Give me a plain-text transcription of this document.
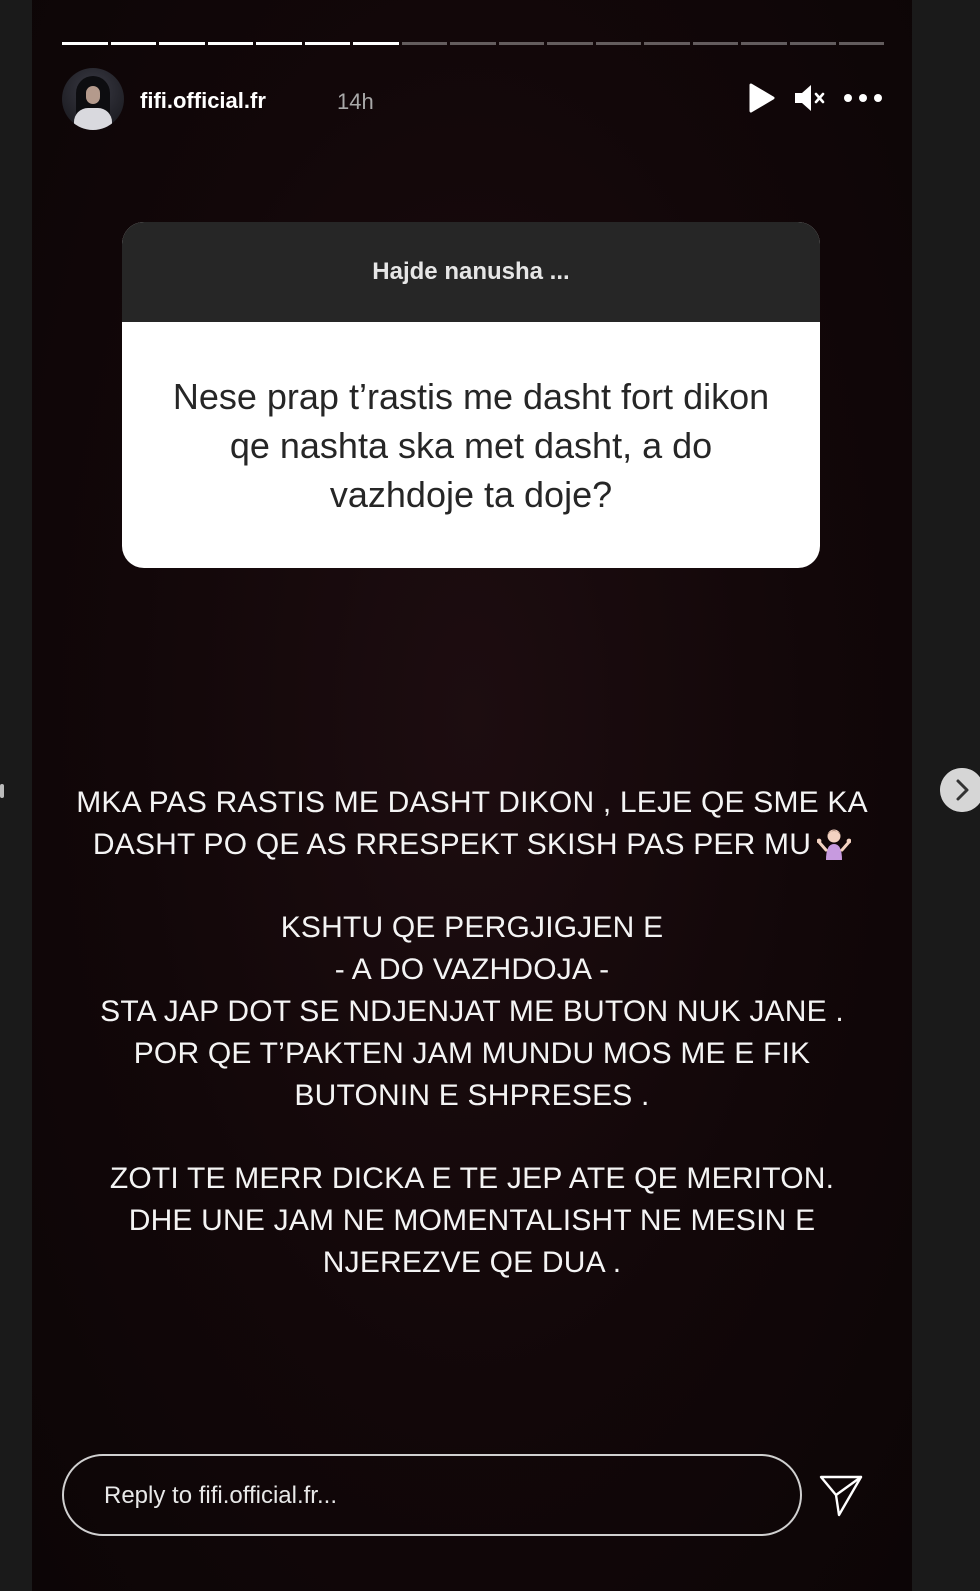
fifi.official.fr	14h
Hajde nanusha ...
Nese prap t’rastis me dasht fort dikon qe nashta ska met dasht, a do vazhdoje ta doje?
MKA PAS RASTIS ME DASHT DIKON , LEJE QE SME KA
DASHT PO QE AS RRESPEKT SKISH PAS PER MU
KSHTU QE PERGJIGJEN E
- A DO VAZHDOJA -
STA JAP DOT SE NDJENJAT ME BUTON NUK JANE .
POR QE T’PAKTEN JAM MUNDU MOS ME E FIK
BUTONIN E SHPRESES .
ZOTI TE MERR DICKA E TE JEP ATE QE MERITON.
DHE UNE JAM NE MOMENTALISHT NE MESIN E
NJEREZVE QE DUA .
Reply to fifi.official.fr...
